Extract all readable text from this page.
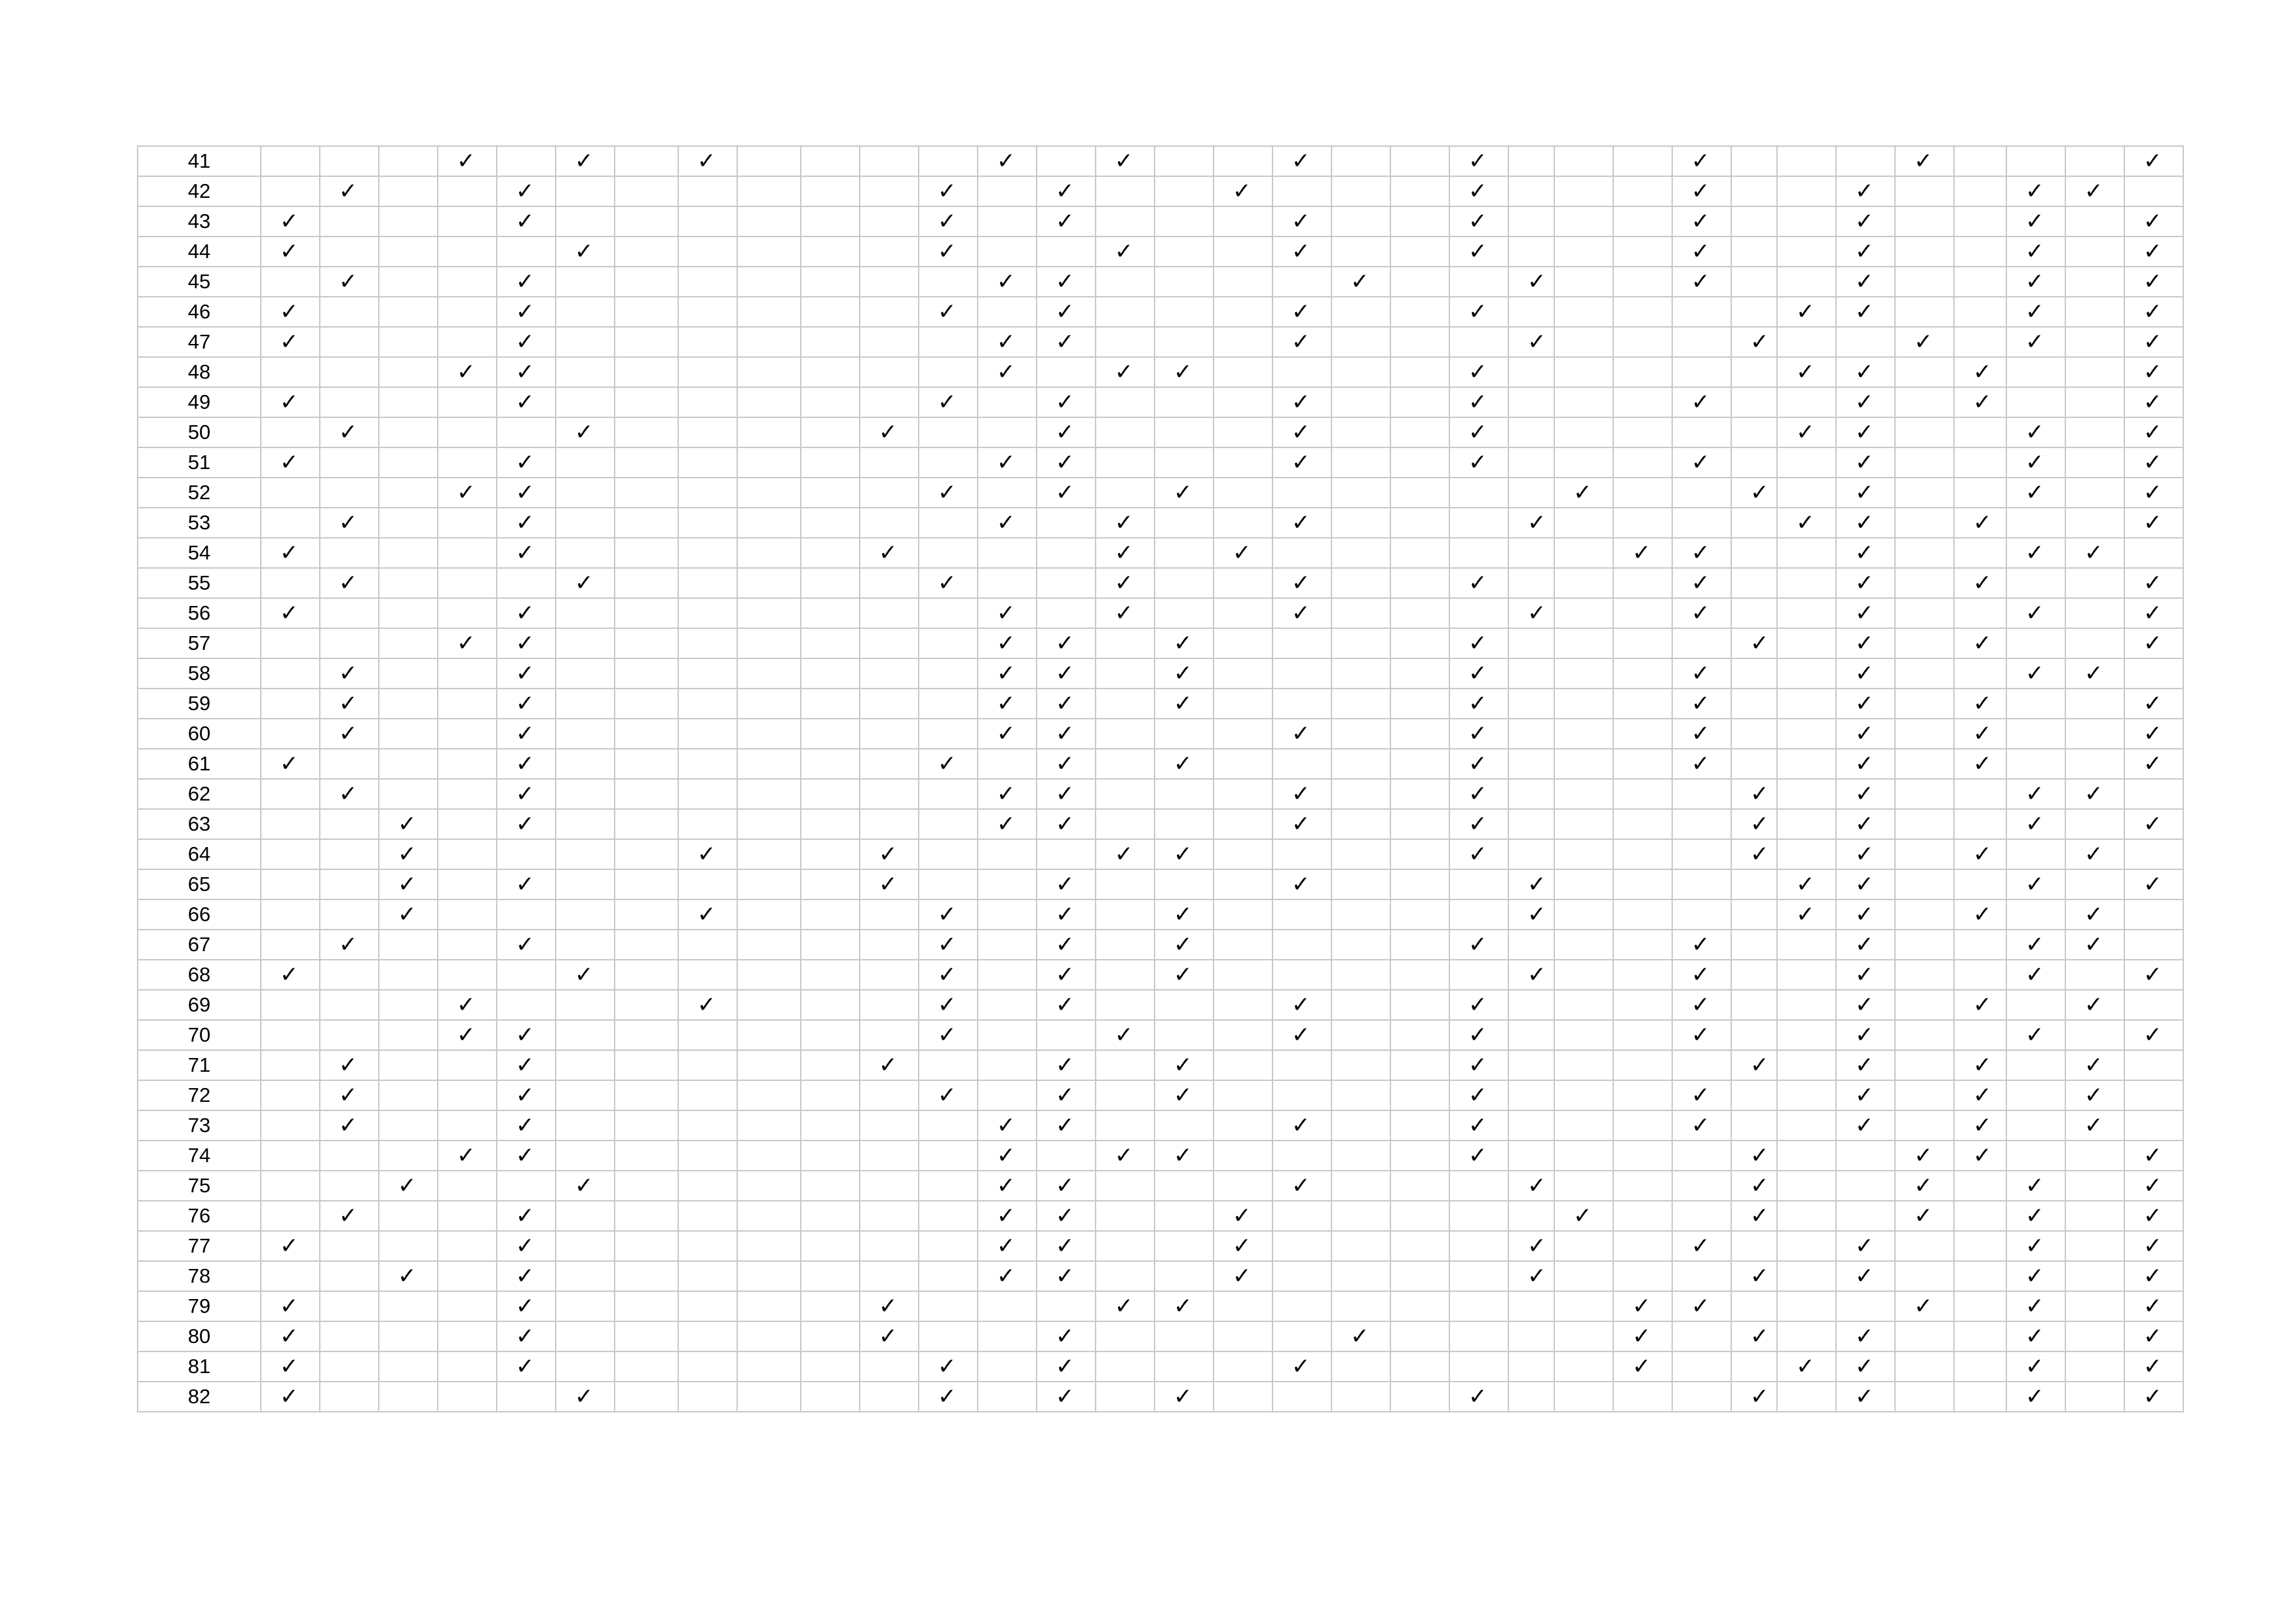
41				✓		✓		✓					✓		✓			✓			✓				✓				✓				✓
42		✓			✓							✓		✓			✓				✓				✓			✓			✓	✓	
43	✓				✓							✓		✓				✓			✓				✓			✓			✓		✓
44	✓					✓						✓			✓			✓			✓				✓			✓			✓		✓
45		✓			✓								✓	✓					✓			✓			✓			✓			✓		✓
46	✓				✓							✓		✓				✓			✓						✓	✓			✓		✓
47	✓				✓								✓	✓				✓				✓				✓			✓		✓		✓
48				✓	✓								✓		✓	✓					✓						✓	✓		✓			✓
49	✓				✓							✓		✓				✓			✓				✓			✓		✓			✓
50		✓				✓					✓			✓				✓			✓						✓	✓			✓		✓
51	✓				✓								✓	✓				✓			✓				✓			✓			✓		✓
52				✓	✓							✓		✓		✓							✓			✓		✓			✓		✓
53		✓			✓								✓		✓			✓				✓					✓	✓		✓			✓
54	✓				✓						✓				✓		✓							✓	✓			✓			✓	✓	
55		✓				✓						✓			✓			✓			✓				✓			✓		✓			✓
56	✓				✓								✓		✓			✓				✓			✓			✓			✓		✓
57				✓	✓								✓	✓		✓					✓					✓		✓		✓			✓
58		✓			✓								✓	✓		✓					✓				✓			✓			✓	✓	
59		✓			✓								✓	✓		✓					✓				✓			✓		✓			✓
60		✓			✓								✓	✓				✓			✓				✓			✓		✓			✓
61	✓				✓							✓		✓		✓					✓				✓			✓		✓			✓
62		✓			✓								✓	✓				✓			✓					✓		✓			✓	✓	
63			✓		✓								✓	✓				✓			✓					✓		✓			✓		✓
64			✓					✓			✓				✓	✓					✓					✓		✓		✓		✓	
65			✓		✓						✓			✓				✓				✓					✓	✓			✓		✓
66			✓					✓				✓		✓		✓						✓					✓	✓		✓		✓	
67		✓			✓							✓		✓		✓					✓				✓			✓			✓	✓	
68	✓					✓						✓		✓		✓						✓			✓			✓			✓		✓
69				✓				✓				✓		✓				✓			✓				✓			✓		✓		✓	
70				✓	✓							✓			✓			✓			✓				✓			✓			✓		✓
71		✓			✓						✓			✓		✓					✓					✓		✓		✓		✓	
72		✓			✓							✓		✓		✓					✓				✓			✓		✓		✓	
73		✓			✓								✓	✓				✓			✓				✓			✓		✓		✓	
74				✓	✓								✓		✓	✓					✓					✓			✓	✓			✓
75			✓			✓							✓	✓				✓				✓				✓			✓		✓		✓
76		✓			✓								✓	✓			✓						✓			✓			✓		✓		✓
77	✓				✓								✓	✓			✓					✓			✓			✓			✓		✓
78			✓		✓								✓	✓			✓					✓				✓		✓			✓		✓
79	✓				✓						✓				✓	✓								✓	✓				✓		✓		✓
80	✓				✓						✓			✓					✓					✓		✓		✓			✓		✓
81	✓				✓							✓		✓				✓						✓			✓	✓			✓		✓
82	✓					✓						✓		✓		✓					✓					✓		✓			✓		✓
